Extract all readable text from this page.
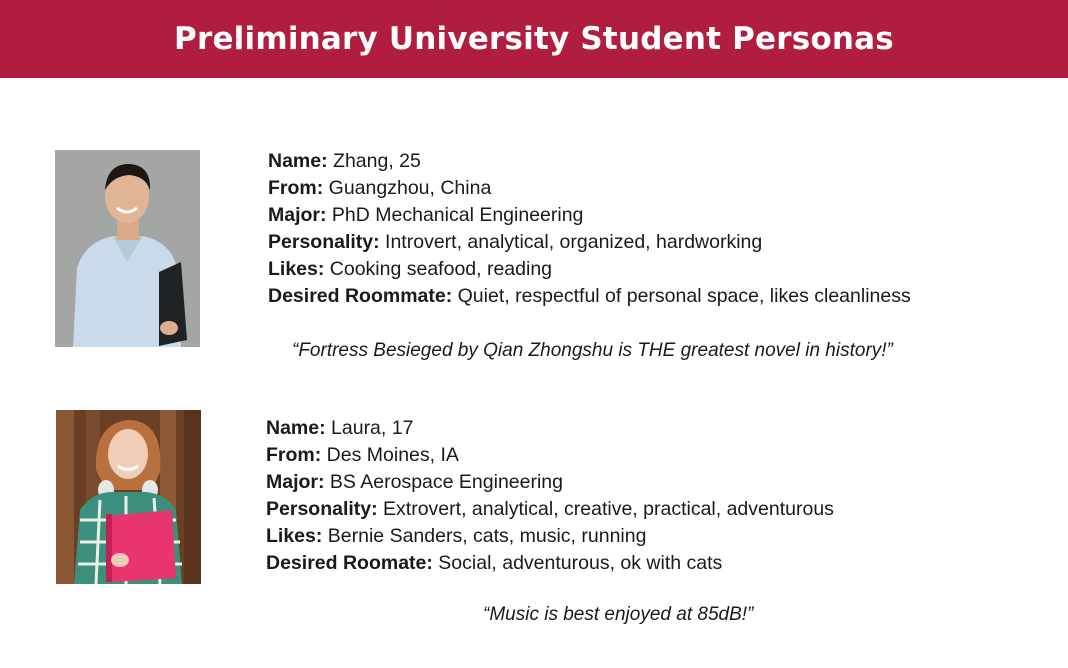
Preliminary University Student Personas
Name: Zhang, 25
From: Guangzhou, China
Major: PhD Mechanical Engineering
Personality: Introvert, analytical, organized, hardworking
Likes: Cooking seafood, reading
Desired Roommate: Quiet, respectful of personal space, likes cleanliness
“Fortress Besieged by Qian Zhongshu is THE greatest novel in history!”
Name: Laura, 17
From: Des Moines, IA
Major: BS Aerospace Engineering
Personality: Extrovert, analytical, creative, practical, adventurous
Likes: Bernie Sanders, cats, music, running
Desired Roomate: Social, adventurous, ok with cats
“Music is best enjoyed at 85dB!”
